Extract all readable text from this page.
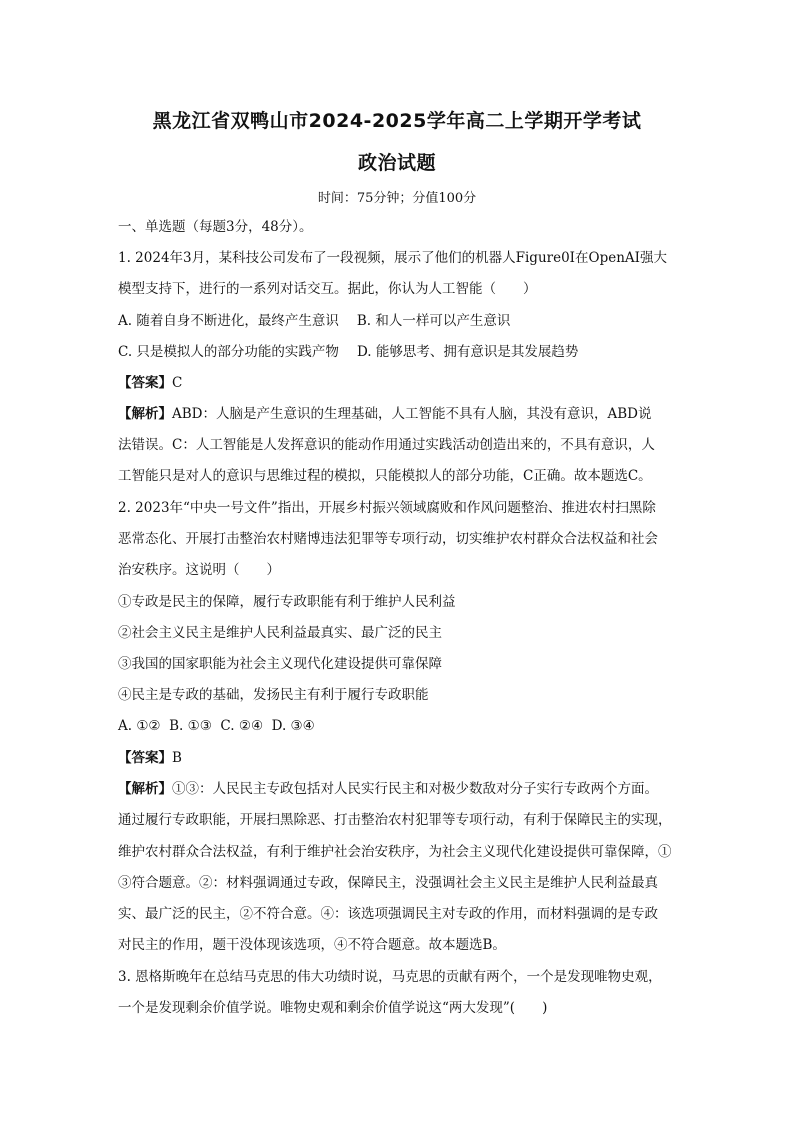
黑龙江省双鸭山市2024-2025学年高二上学期开学考试
政治试题
时间：75分钟；分值100分
一、单选题（每题3分，48分）。
1. 2024年3月，某科技公司发布了一段视频，展示了他们的机器人Figure0I在OpenAI强大
模型支持下，进行的一系列对话交互。据此，你认为人工智能（　　）
A. 随着自身不断进化，最终产生意识 B. 和人一样可以产生意识
C. 只是模拟人的部分功能的实践产物 D. 能够思考、拥有意识是其发展趋势
【答案】C
【解析】ABD：人脑是产生意识的生理基础，人工智能不具有人脑，其没有意识，ABD说
法错误。C：人工智能是人发挥意识的能动作用通过实践活动创造出来的，不具有意识，人
工智能只是对人的意识与思维过程的模拟，只能模拟人的部分功能，C正确。故本题选C。
2. 2023年“中央一号文件”指出，开展乡村振兴领域腐败和作风问题整治、推进农村扫黑除
恶常态化、开展打击整治农村赌博违法犯罪等专项行动，切实维护农村群众合法权益和社会
治安秩序。这说明（　　）
①专政是民主的保障，履行专政职能有利于维护人民利益
②社会主义民主是维护人民利益最真实、最广泛的民主
③我国的国家职能为社会主义现代化建设提供可靠保障
④民主是专政的基础，发扬民主有利于履行专政职能
A. ①②  B. ①③  C. ②④  D. ③④
【答案】B
【解析】①③：人民民主专政包括对人民实行民主和对极少数敌对分子实行专政两个方面。
通过履行专政职能，开展扫黑除恶、打击整治农村犯罪等专项行动，有利于保障民主的实现，
维护农村群众合法权益，有利于维护社会治安秩序，为社会主义现代化建设提供可靠保障，①
③符合题意。②：材料强调通过专政，保障民主，没强调社会主义民主是维护人民利益最真
实、最广泛的民主，②不符合意。④：该选项强调民主对专政的作用，而材料强调的是专政
对民主的作用，题干没体现该选项，④不符合题意。故本题选B。
3. 恩格斯晚年在总结马克思的伟大功绩时说，马克思的贡献有两个，一个是发现唯物史观，
一个是发现剩余价值学说。唯物史观和剩余价值学说这“两大发现”(　　)
